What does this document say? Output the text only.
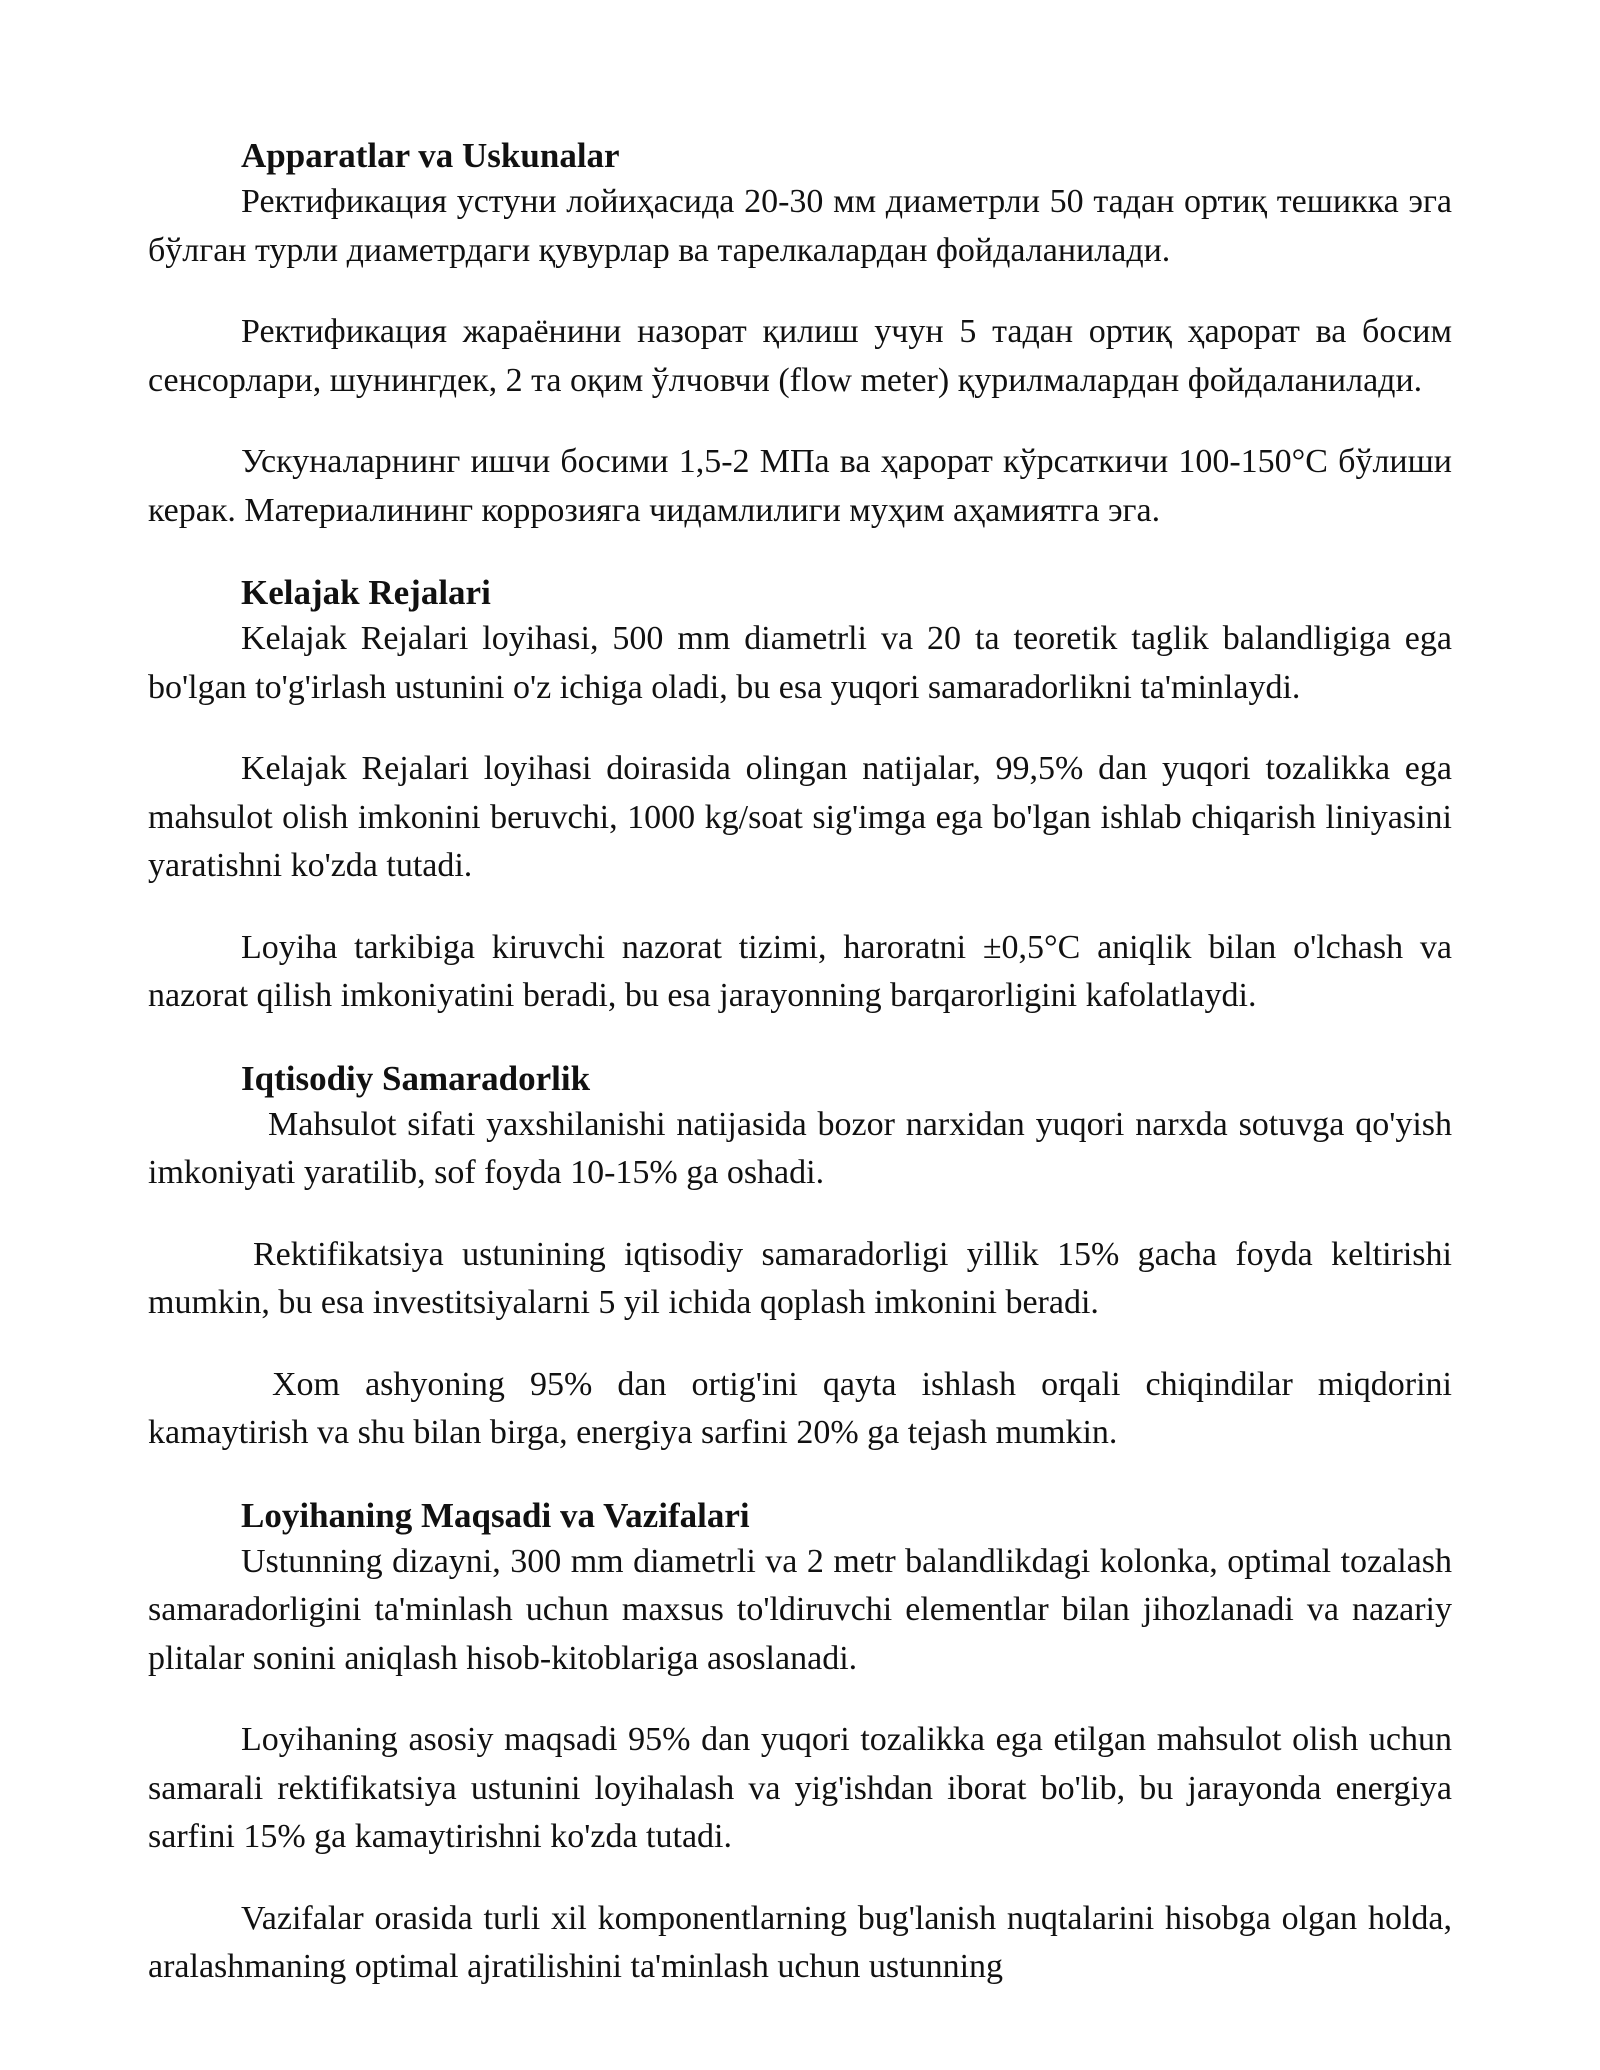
Apparatlar va Uskunalar

Ректификация устуни лойиҳасида 20-30 мм диаметрли 50 тадан ортиқ тешикка эга бўлган турли диаметрдаги қувурлар ва тарелкалардан фойдаланилади.

Ректификация жараёнини назорат қилиш учун 5 тадан ортиқ ҳарорат ва босим сенсорлари, шунингдек, 2 та оқим ўлчовчи (flow meter) қурилмалардан фойдаланилади.

Ускуналарнинг ишчи босими 1,5-2 МПа ва ҳарорат кўрсаткичи 100-150°С бўлиши керак. Материалининг коррозияга чидамлилиги муҳим аҳамиятга эга.

Kelajak Rejalari

Kelajak Rejalari loyihasi, 500 mm diametrli va 20 ta teoretik taglik balandligiga ega bo'lgan to'g'irlash ustunini o'z ichiga oladi, bu esa yuqori samaradorlikni ta'minlaydi.

Kelajak Rejalari loyihasi doirasida olingan natijalar, 99,5% dan yuqori tozalikka ega mahsulot olish imkonini beruvchi, 1000 kg/soat sig'imga ega bo'lgan ishlab chiqarish liniyasini yaratishni ko'zda tutadi.

Loyiha tarkibiga kiruvchi nazorat tizimi, haroratni ±0,5°C aniqlik bilan o'lchash va nazorat qilish imkoniyatini beradi, bu esa jarayonning barqarorligini kafolatlaydi.

Iqtisodiy Samaradorlik

Mahsulot sifati yaxshilanishi natijasida bozor narxidan yuqori narxda sotuvga qo'yish imkoniyati yaratilib, sof foyda 10-15% ga oshadi.

Rektifikatsiya ustunining iqtisodiy samaradorligi yillik 15% gacha foyda keltirishi mumkin, bu esa investitsiyalarni 5 yil ichida qoplash imkonini beradi.

Xom ashyoning 95% dan ortig'ini qayta ishlash orqali chiqindilar miqdorini kamaytirish va shu bilan birga, energiya sarfini 20% ga tejash mumkin.

Loyihaning Maqsadi va Vazifalari

Ustunning dizayni, 300 mm diametrli va 2 metr balandlikdagi kolonka, optimal tozalash samaradorligini ta'minlash uchun maxsus to'ldiruvchi elementlar bilan jihozlanadi va nazariy plitalar sonini aniqlash hisob-kitoblariga asoslanadi.

Loyihaning asosiy maqsadi 95% dan yuqori tozalikka ega etilgan mahsulot olish uchun samarali rektifikatsiya ustunini loyihalash va yig'ishdan iborat bo'lib, bu jarayonda energiya sarfini 15% ga kamaytirishni ko'zda tutadi.

Vazifalar orasida turli xil komponentlarning bug'lanish nuqtalarini hisobga olgan holda, aralashmaning optimal ajratilishini ta'minlash uchun ustunning
